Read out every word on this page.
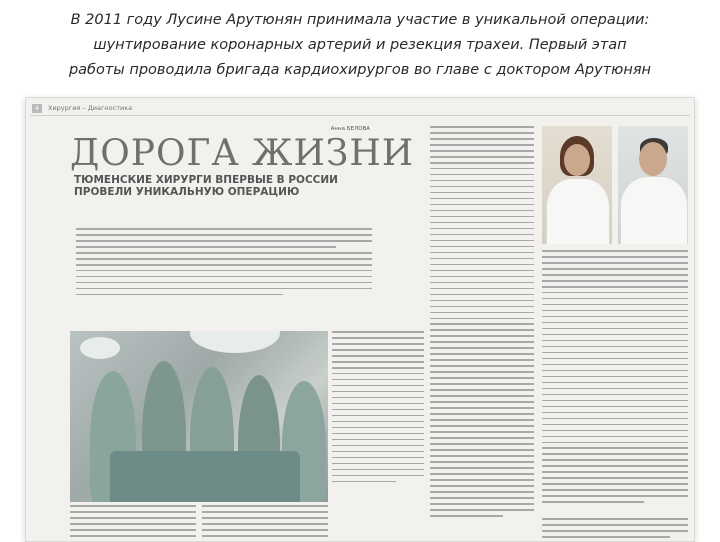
В 2011 году Лусине Арутюнян принимала участие в уникальной операции:
шунтирование коронарных артерий и резекция трахеи. Первый этап
работы проводила бригада кардиохирургов во главе с доктором Арутюнян
4	Хирургия – Диагностика
Анна БЕЛОВА
ДОРОГА ЖИЗНИ
ТЮМЕНСКИЕ ХИРУРГИ ВПЕРВЫЕ В РОССИИ ПРОВЕЛИ УНИКАЛЬНУЮ ОПЕРАЦИЮ
